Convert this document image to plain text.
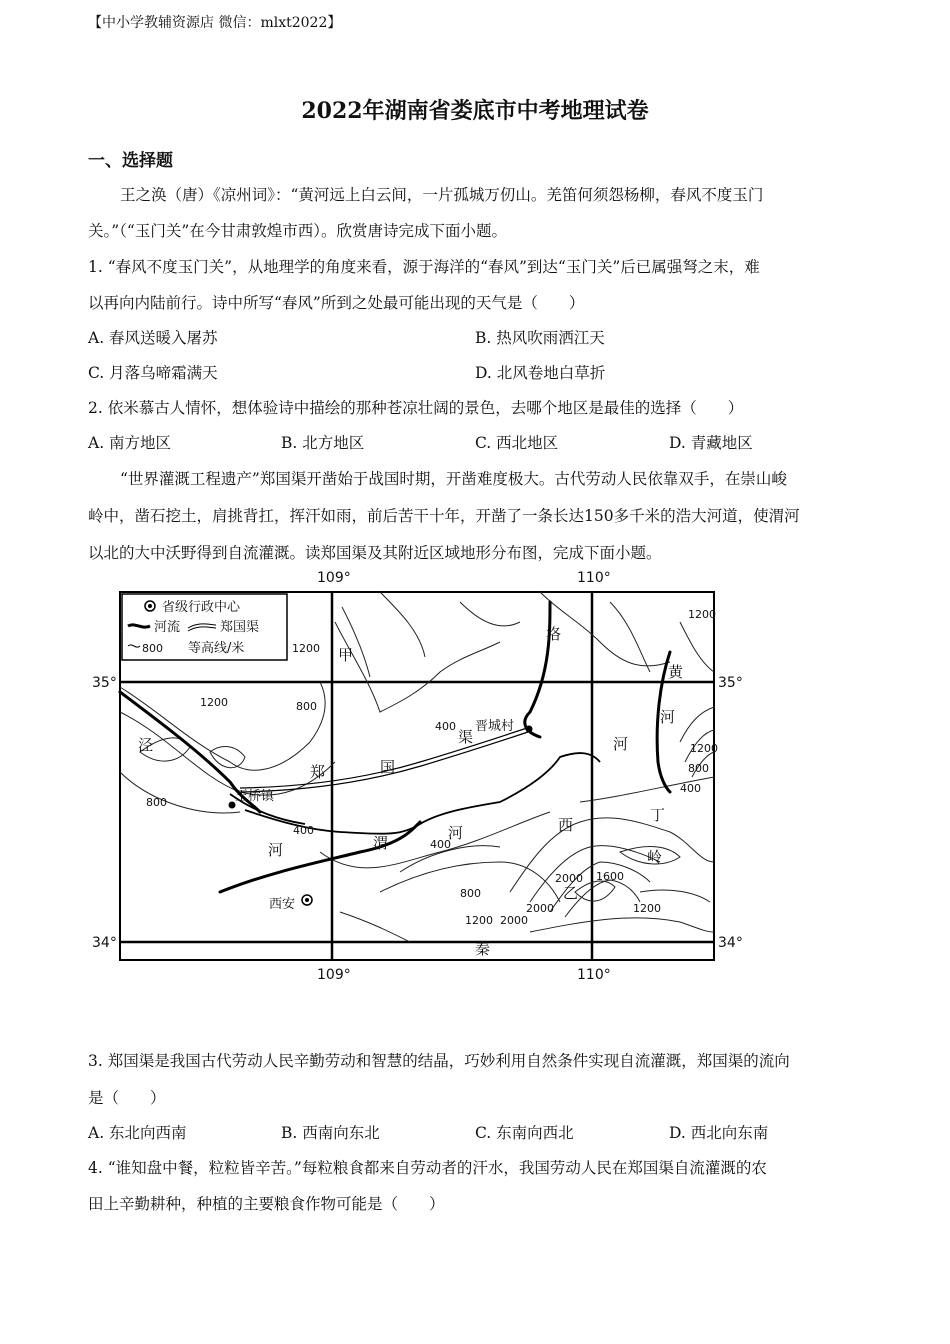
【中小学教辅资源店 微信：mlxt2022】
2022年湖南省娄底市中考地理试卷
一、选择题
王之涣（唐）《凉州词》：“黄河远上白云间，一片孤城万仞山。羌笛何须怨杨柳，春风不度玉门
关。”（“玉门关”在今甘肃敦煌市西）。欣赏唐诗完成下面小题。
1. “春风不度玉门关”，从地理学的角度来看，源于海洋的“春风”到达“玉门关”后已属强弩之末，难
以再向内陆前行。诗中所写“春风”所到之处最可能出现的天气是（　　）
A. 春风送暖入屠苏	B. 热风吹雨洒江天
C. 月落乌啼霜满天	D. 北风卷地白草折
2. 依米慕古人情怀，想体验诗中描绘的那种苍凉壮阔的景色，去哪个地区是最佳的选择（　　）
A. 南方地区	B. 北方地区	C. 西北地区	D. 青藏地区
“世界灌溉工程遗产”郑国渠开凿始于战国时期，开凿难度极大。古代劳动人民依靠双手，在崇山峻
岭中，凿石挖土，肩挑背扛，挥汗如雨，前后苦干十年，开凿了一条长达150多千米的浩大河道，使渭河
以北的大中沃野得到自流灌溉。读郑国渠及其附近区域地形分布图，完成下面小题。
省级行政中心
河流	郑国渠
800 等高线/米
109°	110°
109°	110°
35°	35°
34°	34°
晋城村
王桥镇
西安
泾
河
郑	国
渠
渭
河
洛
黄
河
河
秦
岭
西
丁
甲
乙
1200
1200
800
400
800
400
400
1200
800
1200
2000
2000
1600
800
1200
1200 2000
400
3. 郑国渠是我国古代劳动人民辛勤劳动和智慧的结晶，巧妙利用自然条件实现自流灌溉，郑国渠的流向
是（　　）
A. 东北向西南	B. 西南向东北	C. 东南向西北	D. 西北向东南
4. “谁知盘中餐，粒粒皆辛苦。”每粒粮食都来自劳动者的汗水，我国劳动人民在郑国渠自流灌溉的农
田上辛勤耕种，种植的主要粮食作物可能是（　　）
